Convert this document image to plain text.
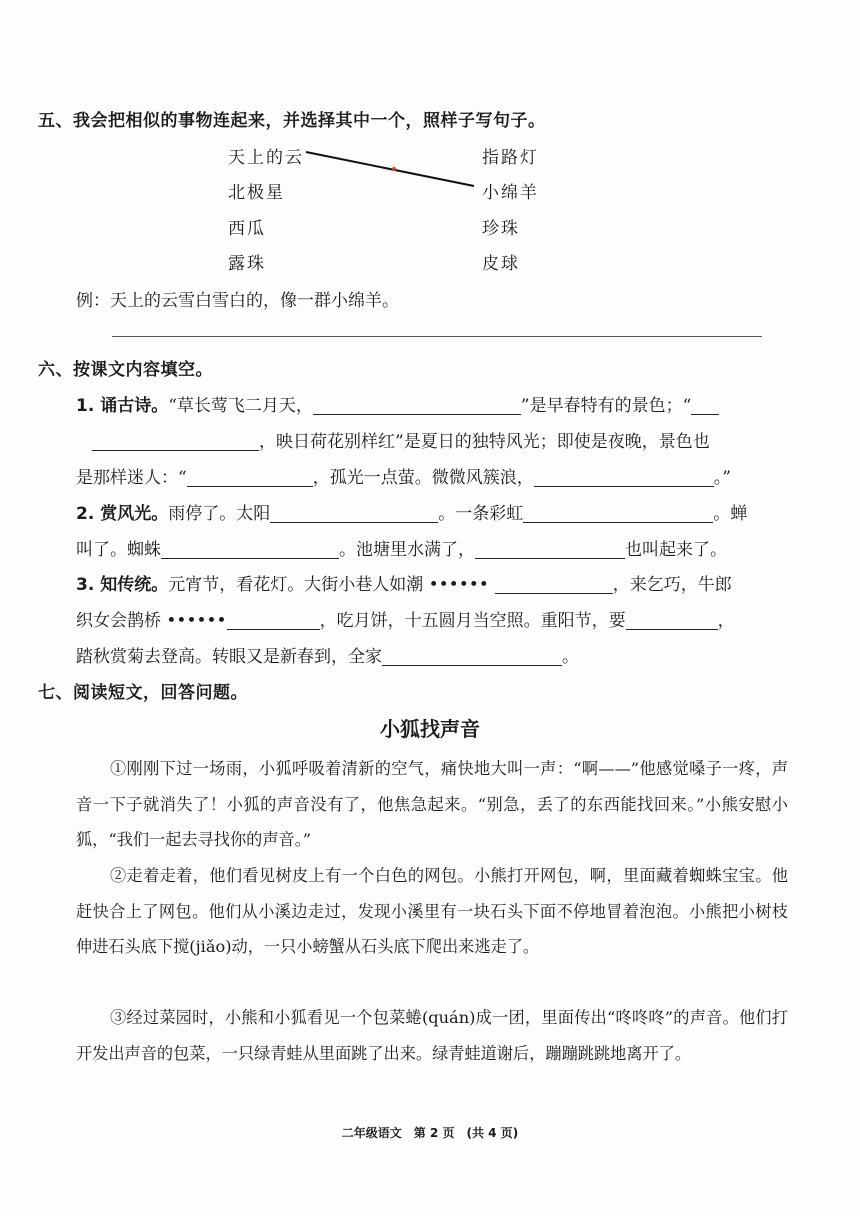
五、我会把相似的事物连起来，并选择其中一个，照样子写句子。
天上的云
北极星
西瓜
露珠
指路灯
小绵羊
珍珠
皮球
例：天上的云雪白雪白的，像一群小绵羊。
六、按课文内容填空。
1. 诵古诗。“草长莺飞二月天，	”是早春特有的景色；“
，映日荷花别样红”是夏日的独特风光；即使是夜晚，景色也
是那样迷人：“	，孤光一点萤。微微风簇浪，	。”
2. 赏风光。雨停了。太阳	。一条彩虹	。蝉
叫了。蜘蛛	。池塘里水满了，	也叫起来了。
3. 知传统。元宵节，看花灯。大街小巷人如潮 ••••••	，来乞巧，牛郎
织女会鹊桥 ••••••	，吃月饼，十五圆月当空照。重阳节，要	，
踏秋赏菊去登高。转眼又是新春到，全家	。
七、阅读短文，回答问题。
小狐找声音
①刚刚下过一场雨，小狐呼吸着清新的空气，痛快地大叫一声：“啊——”他感觉嗓子一疼，声音一下子就消失了！小狐的声音没有了，他焦急起来。“别急，丢了的东西能找回来。”小熊安慰小狐，“我们一起去寻找你的声音。”
②走着走着，他们看见树皮上有一个白色的网包。小熊打开网包，啊，里面藏着蜘蛛宝宝。他赶快合上了网包。他们从小溪边走过，发现小溪里有一块石头下面不停地冒着泡泡。小熊把小树枝伸进石头底下搅(jiǎo)动，一只小螃蟹从石头底下爬出来逃走了。
③经过菜园时，小熊和小狐看见一个包菜蜷(quán)成一团，里面传出“咚咚咚”的声音。他们打开发出声音的包菜，一只绿青蛙从里面跳了出来。绿青蛙道谢后，蹦蹦跳跳地离开了。
二年级语文　第 2 页　(共 4 页)
